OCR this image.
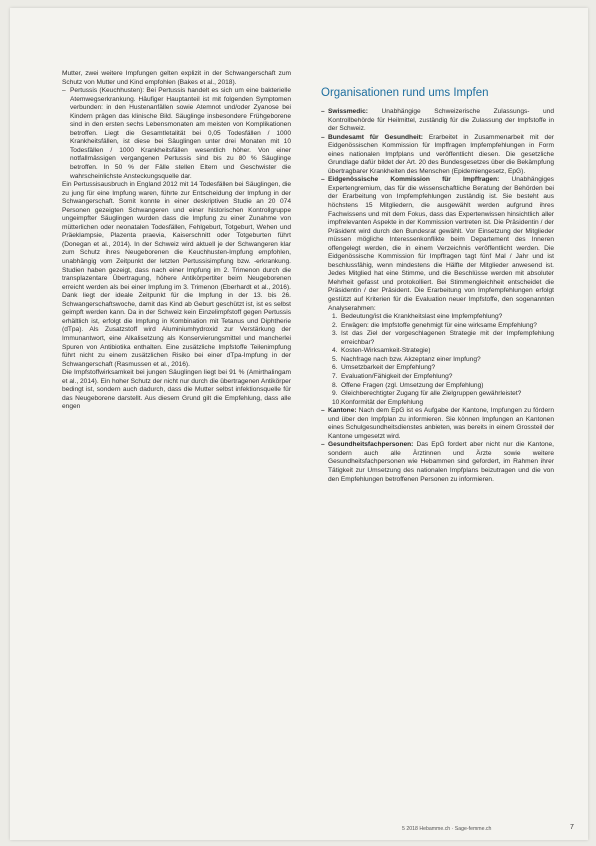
Mutter, zwei weitere Impfungen gelten explizit in der Schwangerschaft zum Schutz von Mutter und Kind empfohlen (Bakes et al., 2018).

– Pertussis (Keuchhusten): Bei Pertussis handelt es sich um eine bakterielle Atemwegserkrankung. Häufiger Hauptanteil ist mit folgenden Symptomen verbunden: in den Hustenanfällen sowie Atemnot und/oder Zyanose bei Kindern prägen das klinische Bild. Säuglinge insbesondere Frühgeborene sind in den ersten sechs Lebensmonaten am meisten von Komplikationen betroffen. Liegt die Gesamtletalität bei 0,05 Todesfällen / 1000 Krankheitsfällen, ist diese bei Säuglingen unter drei Monaten mit 10 Todesfällen / 1000 Krankheitsfällen wesentlich höher. Von einer notfallmässigen vergangenen Pertussis sind bis zu 80 % Säuglinge betroffen. In 50 % der Fälle stellen Eltern und Geschwister die wahrscheinlichste Ansteckungsquelle dar.

Ein Pertussisausbruch in England 2012 mit 14 Todesfällen bei Säuglingen, die zu jung für eine Impfung waren, führte zur Entscheidung der Impfung in der Schwangerschaft. Somit konnte in einer deskriptiven Studie an 20 074 Personen gezeigten Schwangeren und einer historischen Kontrollgruppe ungeimpfter Säuglingen wurden dass die Impfung zu einer Zunahme von mütterlichen oder neonatalen Todesfällen, Fehlgeburt, Totgeburt, Wehen und Präeklampsie, Plazenta praevia, Kaiserschnitt oder Totgeburten führt (Donegan et al., 2014). In der Schweiz wird aktuell je der Schwangeren klar zum Schutz ihres Neugeborenen die Keuchhusten-Impfung empfohlen, unabhängig vom Zeitpunkt der letzten Pertussisimpfung bzw. -erkrankung. Studien haben gezeigt, dass nach einer Impfung im 2. Trimenon durch die transplazentare Übertragung, höhere Antikörpertiter beim Neugeborenen erreicht werden als bei einer Impfung im 3. Trimenon (Eberhardt et al., 2016). Dank liegt der ideale Zeitpunkt für die Impfung in der 13. bis 26. Schwangerschaftswoche, damit das Kind ab Geburt geschützt ist, ist es selbst geimpft werden kann. Da in der Schweiz kein Einzelimpfstoff gegen Pertussis erhältlich ist, erfolgt die Impfung in Kombination mit Tetanus und Diphtherie (dTpa). Als Zusatzstoff wird Aluminiumhydroxid zur Verstärkung der Immunantwort, eine Alkalisetzung als Konservierungsmittel und mancherlei Spuren von Antibiotika enthalten. Eine zusätzliche Impfstoffe Teilenimpfung führt nicht zu einem zusätzlichen Risiko bei einer dTpa-Impfung in der Schwangerschaft (Rasmussen et al., 2016).

Die Impfstoffwirksamkeit bei jungen Säuglingen liegt bei 91 % (Amirthalingam et al., 2014). Ein hoher Schutz der nicht nur durch die übertragenen Antikörper bedingt ist, sondern auch dadurch, dass die Mutter selbst infektionsquelle für das Neugeborene darstellt. Aus diesem Grund gilt die Empfehlung, dass alle engen

Organisationen rund ums Impfen
– Swissmedic: Unabhängige Schweizerische Zulassungs- und Kontrollbehörde für Heilmittel, zuständig für die Zulassung der Impfstoffe in der Schweiz.
– Bundesamt für Gesundheit: Erarbeitet in Zusammenarbeit mit der Eidgenössischen Kommission für Impffragen Impfempfehlungen in Form eines nationalen Impfplans und veröffentlicht diesen. Die gesetzliche Grundlage dafür bildet der Art. 20 des Bundesgesetzes über die Bekämpfung übertragbarer Krankheiten des Menschen (Epidemiengesetz, EpG).
– Eidgenössische Kommission für Impffragen: Unabhängiges Expertengremium, das für die wissenschaftliche Beratung der Behörden bei der Erarbeitung von Impfempfehlungen zuständig ist. Sie besteht aus höchstens 15 Mitgliedern, die ausgewählt werden aufgrund ihres Fachwissens und mit dem Fokus, dass das Expertenwissen hinsichtlich aller impfrelevanten Aspekte in der Kommission vertreten ist. Die Präsidentin / der Präsident wird durch den Bundesrat gewählt. Vor Einsetzung der Mitglieder müssen mögliche Interessenkonflikte beim Departement des Inneren offengelegt werden, die in einem Verzeichnis veröffentlicht werden. Die Eidgenössische Kommission für Impffragen tagt fünf Mal / Jahr und ist beschlussfähig, wenn mindestens die Hälfte der Mitglieder anwesend ist. Jedes Mitglied hat eine Stimme, und die Beschlüsse werden mit absoluter Mehrheit gefasst und protokolliert. Bei Stimmengleichheit entscheidet die Präsidentin / der Präsident. Die Erarbeitung von Impfempfehlungen erfolgt gestützt auf Kriterien für die Evaluation neuer Impfstoffe, den sogenannten Analyserahmen:
1. Bedeutung/ist die Krankheitslast eine Impfempfehlung?
2. Erwägen: die Impfstoffe genehmigt für eine wirksame Empfehlung?
3. Ist das Ziel der vorgeschlagenen Strategie mit der Impfempfehlung erreichbar?
4. Kosten-Wirksamkeit-Strategie)
5. Nachfrage nach bzw. Akzeptanz einer Impfung?
6. Umsetzbarkeit der Empfehlung?
7. Evaluation/Fähigkeit der Empfehlung?
8. Offene Fragen (zgl. Umsetzung der Empfehlung)
9. Gleichberechtigter Zugang für alle Zielgruppen gewährleistet?
10. Konformität der Empfehlung
– Kantone: Nach dem EpG ist es Aufgabe der Kantone, Impfungen zu fördern und über den Impfplan zu informieren. Sie können Impfungen an Kantonen eines Schulgesundheitsdienstes anbieten, was bereits in einem Grossteil der Kantone umgesetzt wird.
– Gesundheitsfachpersonen: Das EpG fordert aber nicht nur die Kantone, sondern auch alle Ärztinnen und Ärzte sowie weitere Gesundheitsfachpersonen wie Hebammen sind gefordert, im Rahmen ihrer Tätigkeit zur Umsetzung des nationalen Impfplans beizutragen und die von den Empfehlungen betroffenen Personen zu informieren.
5 2018 Hebamme.ch · Sage-femme.ch	7
